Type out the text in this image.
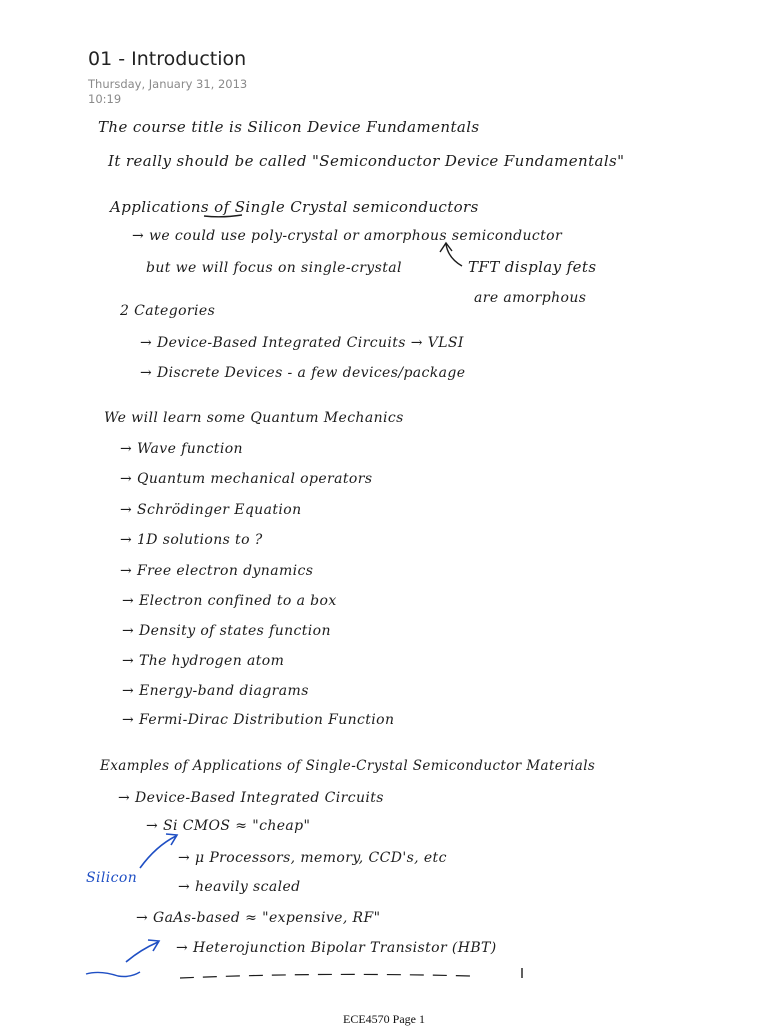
01 - Introduction
Thursday, January 31, 2013
10:19
The course title is Silicon Device Fundamentals
It really should be called "Semiconductor Device Fundamentals"
Applications of Single Crystal semiconductors
→ we could use poly-crystal or amorphous semiconductor
but we will focus on single-crystal	TFT display fets
are amorphous
2 Categories
→ Device-Based Integrated Circuits → VLSI
→ Discrete Devices - a few devices/package
We will learn some Quantum Mechanics
→ Wave function
→ Quantum mechanical operators
→ Schrödinger Equation
→ 1D solutions to ?
→ Free electron dynamics
→ Electron confined to a box
→ Density of states function
→ The hydrogen atom
→ Energy-band diagrams
→ Fermi-Dirac Distribution Function
Examples of Applications of Single-Crystal Semiconductor Materials
→ Device-Based Integrated Circuits
→ Si CMOS ≈ "cheap"
→ μ Processors, memory, CCD's, etc
→ heavily scaled
→ GaAs-based ≈ "expensive, RF"
→ Heterojunction Bipolar Transistor (HBT)
Silicon
ECE4570 Page 1
